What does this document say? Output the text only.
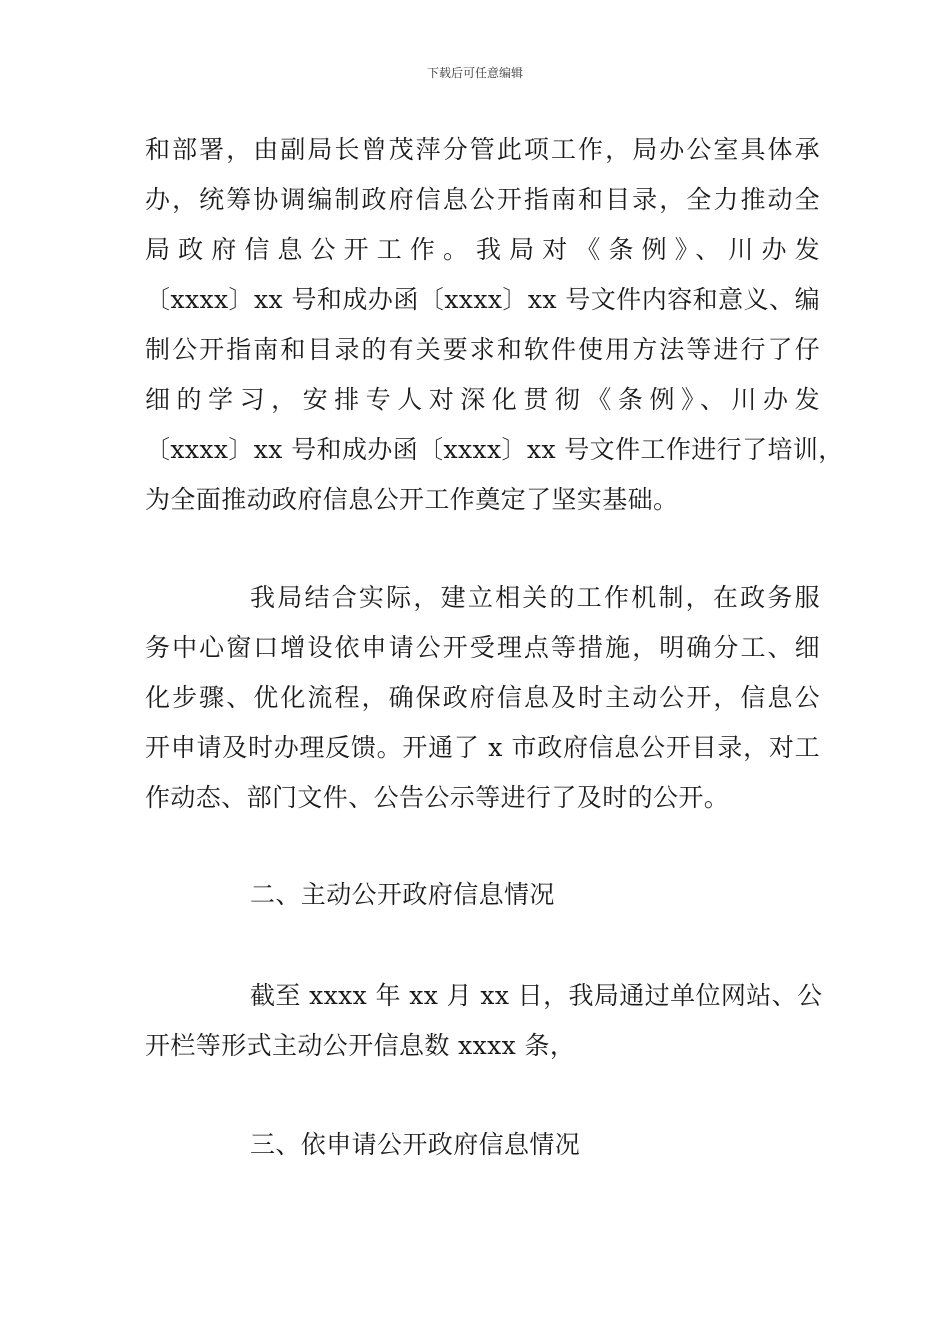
下载后可任意编辑
和部署，由副局长曾茂萍分管此项工作，局办公室具体承
办，统筹协调编制政府信息公开指南和目录，全力推动全
局政府信息公开工作。我局对《条例》、川办发
〔xxxx〕xx 号和成办函〔xxxx〕xx 号文件内容和意义、编
制公开指南和目录的有关要求和软件使用方法等进行了仔
细的学习，安排专人对深化贯彻《条例》、川办发
〔xxxx〕xx 号和成办函〔xxxx〕xx 号文件工作进行了培训，
为全面推动政府信息公开工作奠定了坚实基础。
我局结合实际，建立相关的工作机制，在政务服
务中心窗口增设依申请公开受理点等措施，明确分工、细
化步骤、优化流程，确保政府信息及时主动公开，信息公
开申请及时办理反馈。开通了 x 市政府信息公开目录，对工
作动态、部门文件、公告公示等进行了及时的公开。
二、主动公开政府信息情况
截至 xxxx 年 xx 月 xx 日，我局通过单位网站、公
开栏等形式主动公开信息数 xxxx 条，
三、依申请公开政府信息情况
